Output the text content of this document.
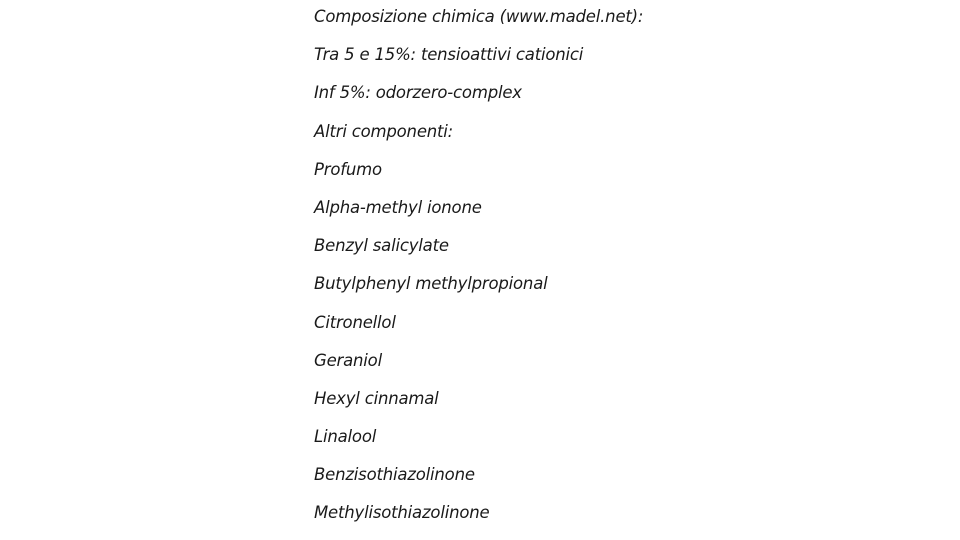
Composizione chimica (www.madel.net):
Tra 5 e 15%: tensioattivi cationici
Inf 5%: odorzero-complex
Altri componenti:
Profumo
Alpha-methyl ionone
Benzyl salicylate
Butylphenyl methylpropional
Citronellol
Geraniol
Hexyl cinnamal
Linalool
Benzisothiazolinone
Methylisothiazolinone
